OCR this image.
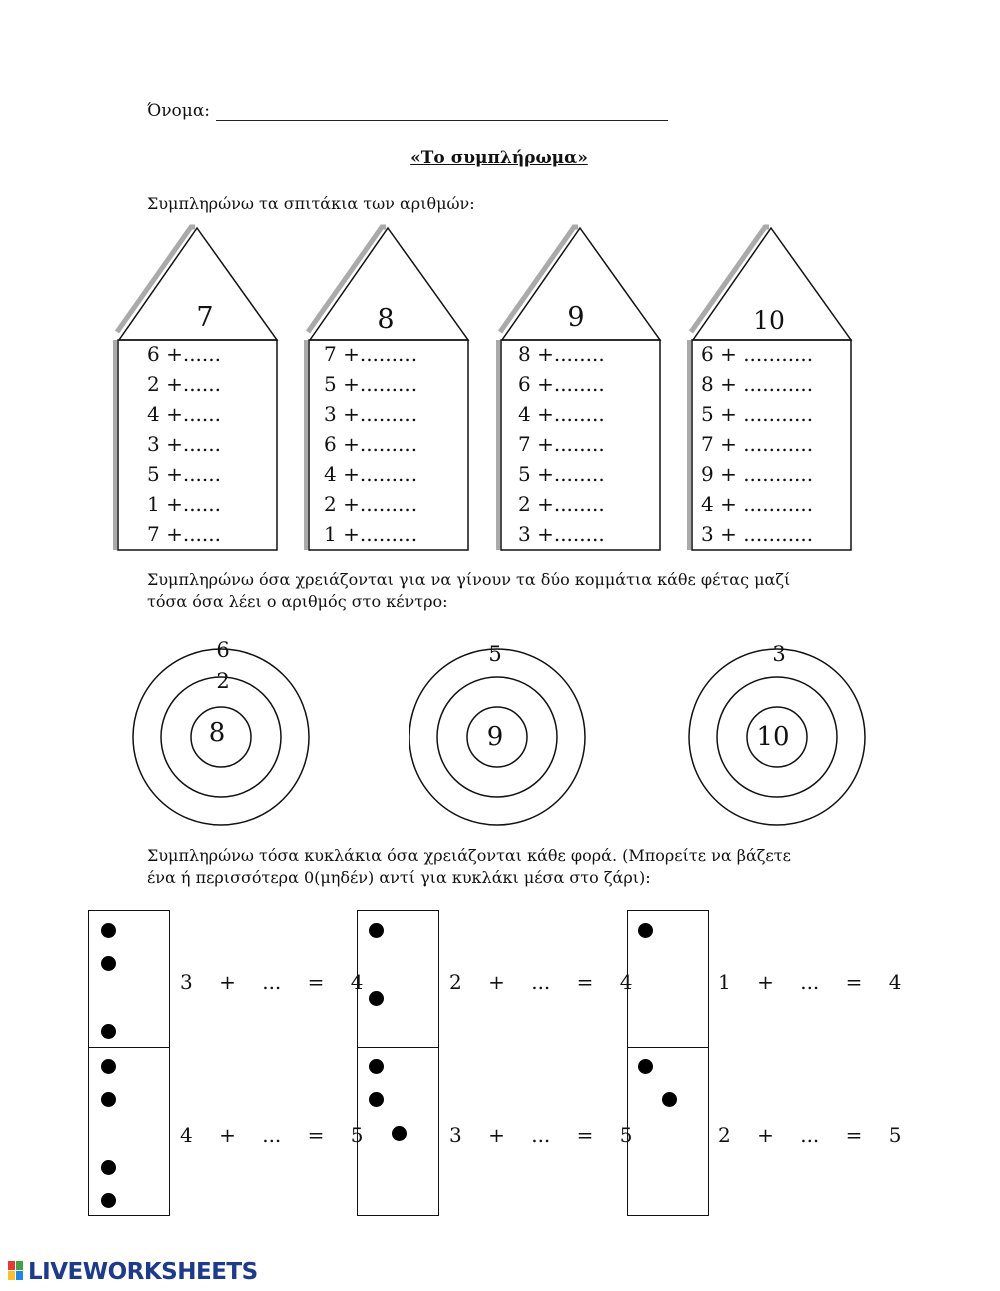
Όνομα:
«Το συμπλήρωμα»
Συμπληρώνω τα σπιτάκια των αριθμών:
7
6 +......
2 +......
4 +......
3 +......
5 +......
1 +......
7 +......
8
7 +.........
5 +.........
3 +.........
6 +.........
4 +.........
2 +.........
1 +.........
9
8 +........
6 +........
4 +........
7 +........
5 +........
2 +........
3 +........
10
6 + ...........
8 + ...........
5 + ...........
7 + ...........
9 + ...........
4 + ...........
3 + ...........
Συμπληρώνω όσα χρειάζονται για να γίνουν τα δύο κομμάτια κάθε φέτας μαζί
τόσα όσα λέει ο αριθμός στο κέντρο:
6
2
8
5
9
3
10
Συμπληρώνω τόσα κυκλάκια όσα χρειάζονται κάθε φορά. (Μπορείτε να βάζετε
ένα ή περισσότερα 0(μηδέν) αντί για κυκλάκι μέσα στο ζάρι):
3 + ... = 4	2 + ... = 4	1 + ... = 4
4 + ... = 5	3 + ... = 5	2 + ... = 5
LIVEWORKSHEETS
